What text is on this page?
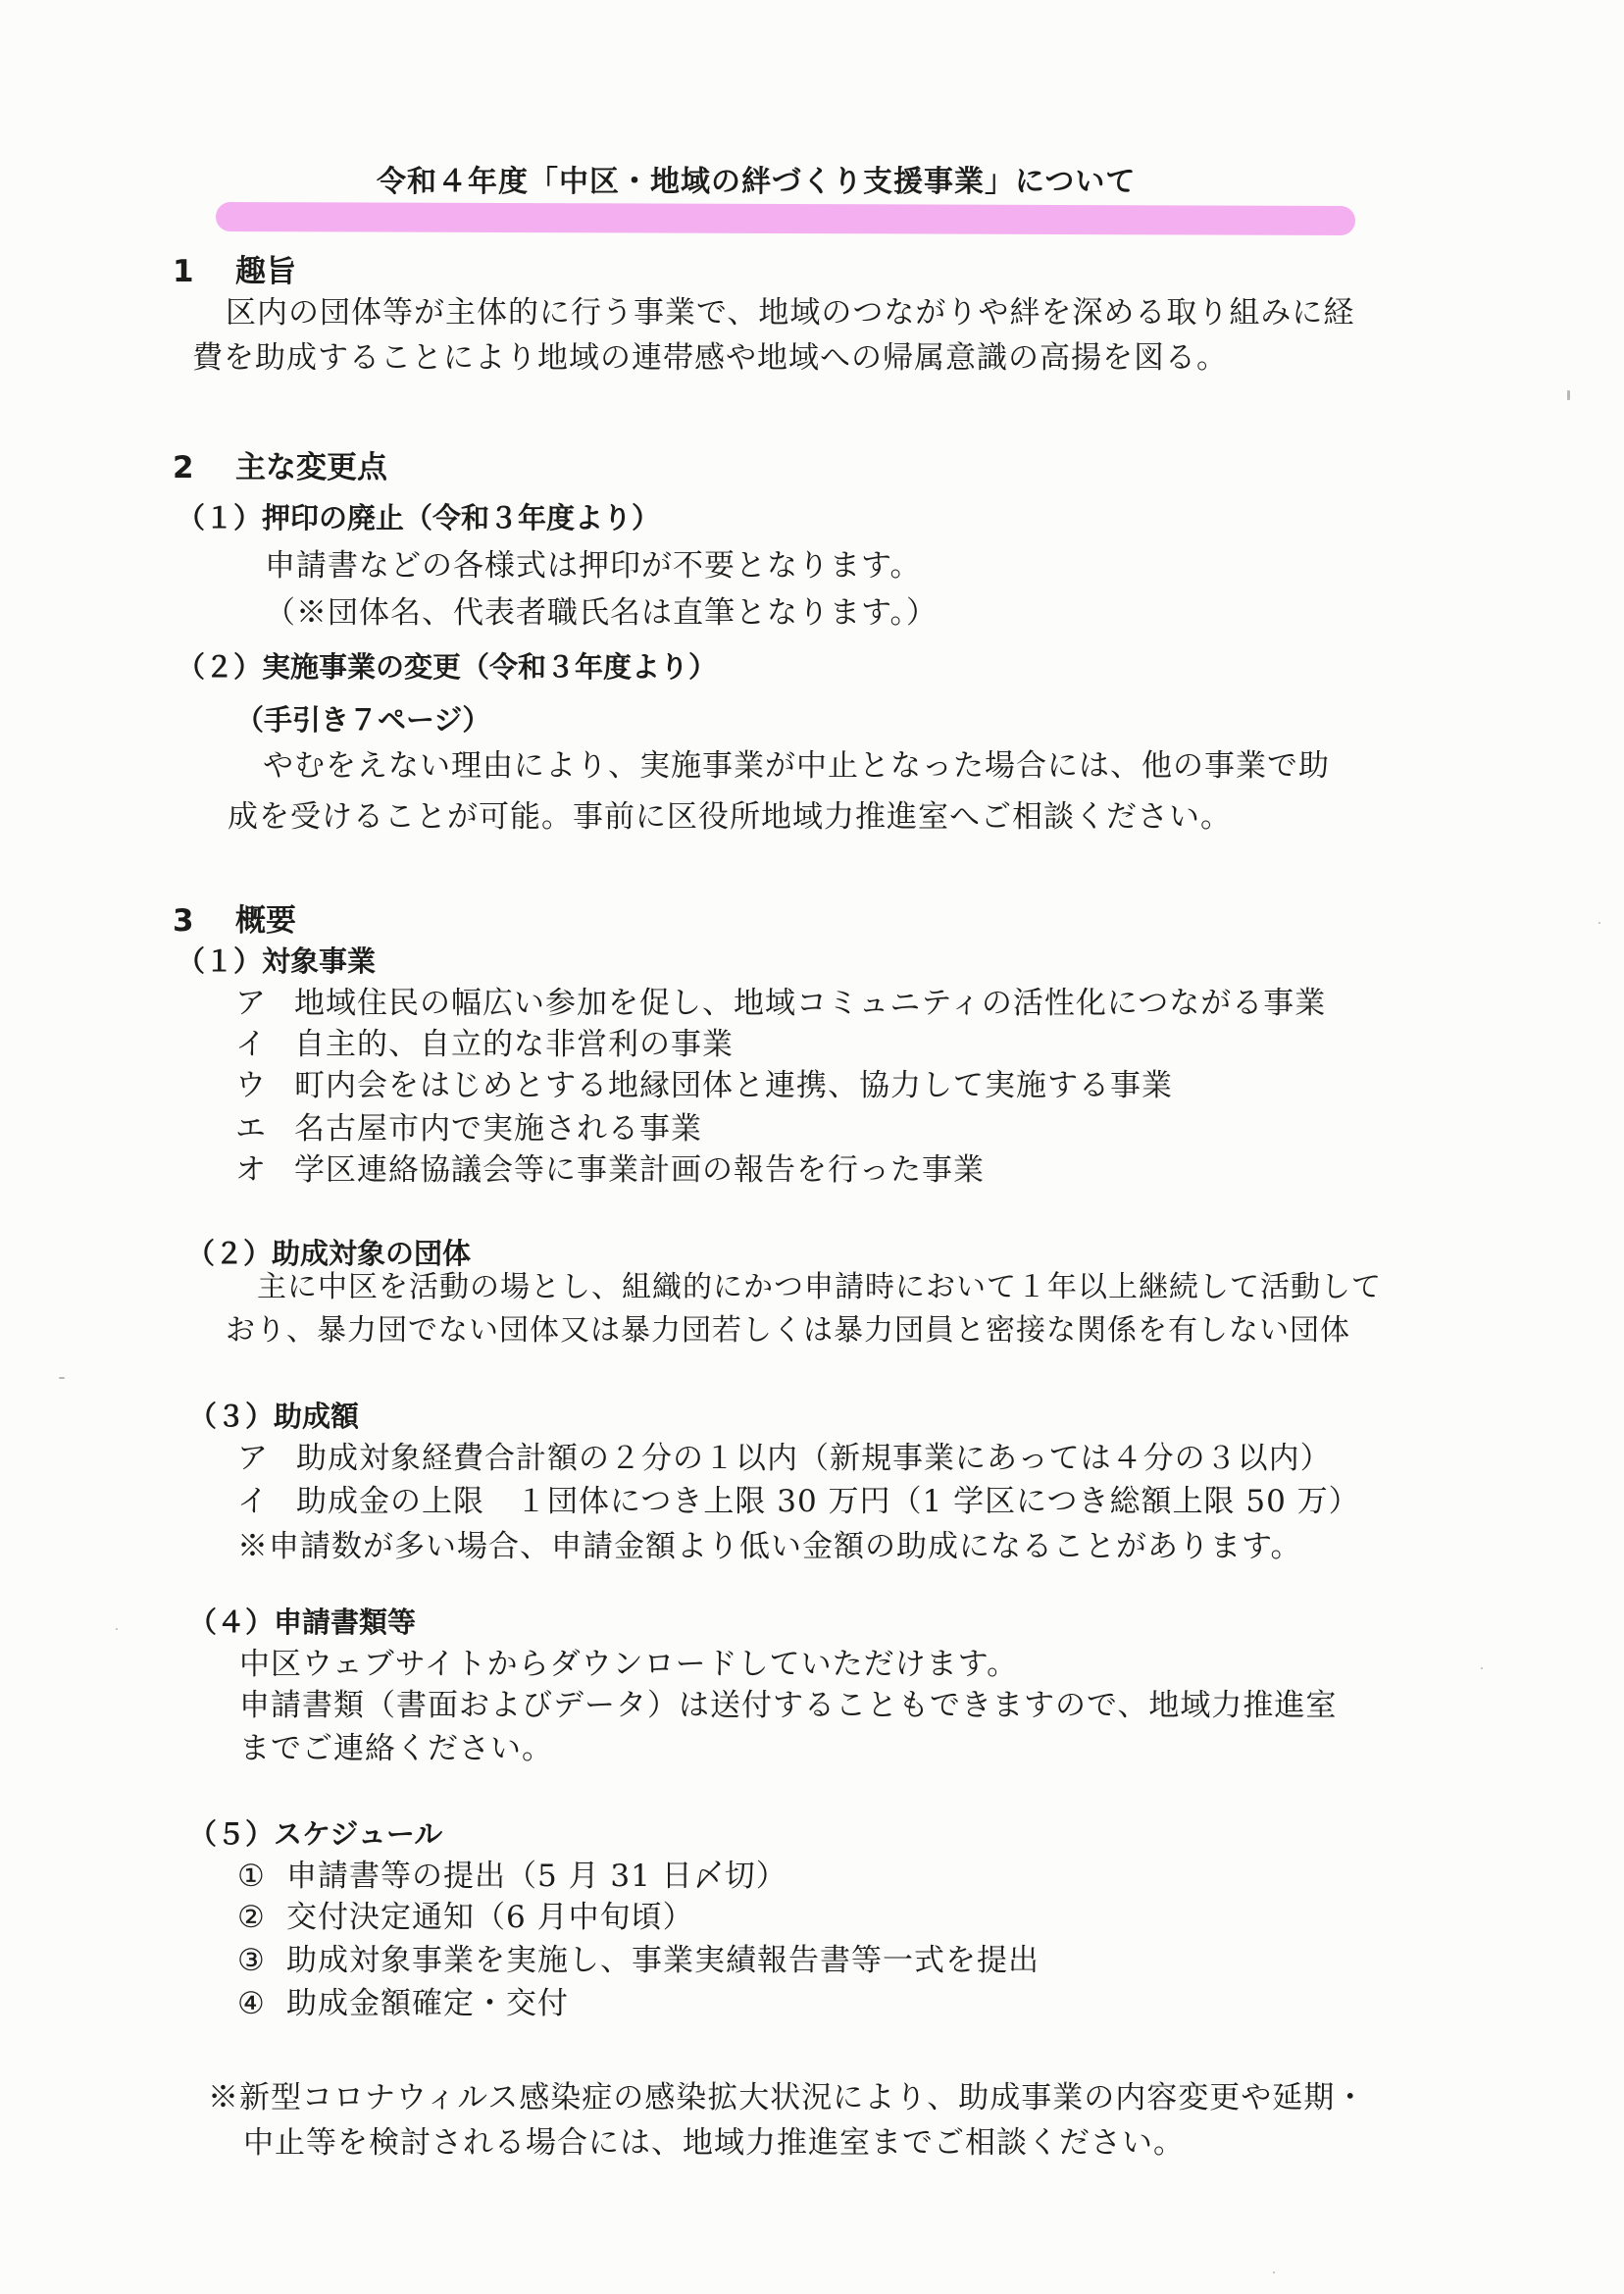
令和４年度「中区・地域の絆づくり支援事業」について
1 趣旨
区内の団体等が主体的に行う事業で、地域のつながりや絆を深める取り組みに経
費を助成することにより地域の連帯感や地域への帰属意識の高揚を図る。
2 主な変更点
（１）押印の廃止（令和３年度より）
申請書などの各様式は押印が不要となります。
（※団体名、代表者職氏名は直筆となります。）
（２）実施事業の変更（令和３年度より）
（手引き７ページ）
やむをえない理由により、実施事業が中止となった場合には、他の事業で助
成を受けることが可能。事前に区役所地域力推進室へご相談ください。
3 概要
（１）対象事業
ア 地域住民の幅広い参加を促し、地域コミュニティの活性化につながる事業
イ 自主的、自立的な非営利の事業
ウ 町内会をはじめとする地縁団体と連携、協力して実施する事業
エ 名古屋市内で実施される事業
オ 学区連絡協議会等に事業計画の報告を行った事業
（２）助成対象の団体
主に中区を活動の場とし、組織的にかつ申請時において１年以上継続して活動して
おり、暴力団でない団体又は暴力団若しくは暴力団員と密接な関係を有しない団体
（３）助成額
ア 助成対象経費合計額の２分の１以内（新規事業にあっては４分の３以内）
イ 助成金の上限　１団体につき上限 30 万円（1 学区につき総額上限 50 万）
※申請数が多い場合、申請金額より低い金額の助成になることがあります。
（４）申請書類等
中区ウェブサイトからダウンロードしていただけます。
申請書類（書面およびデータ）は送付することもできますので、地域力推進室
までご連絡ください。
（５）スケジュール
① 申請書等の提出（5 月 31 日〆切）
② 交付決定通知（6 月中旬頃）
③ 助成対象事業を実施し、事業実績報告書等一式を提出
④ 助成金額確定・交付
※新型コロナウィルス感染症の感染拡大状況により、助成事業の内容変更や延期・
中止等を検討される場合には、地域力推進室までご相談ください。
